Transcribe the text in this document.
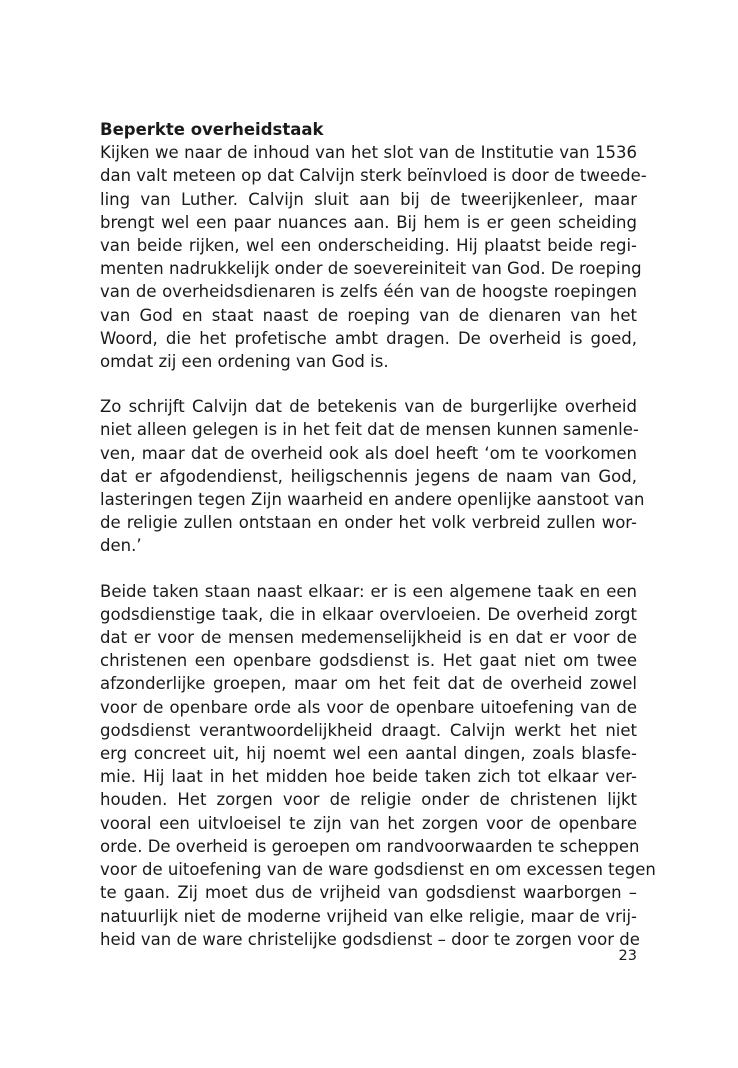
Beperkte overheidstaak

Kijken we naar de inhoud van het slot van de Institutie van 1536
dan valt meteen op dat Calvijn sterk beïnvloed is door de tweede-
ling van Luther. Calvijn sluit aan bij de tweerijkenleer, maar
brengt wel een paar nuances aan. Bij hem is er geen scheiding
van beide rijken, wel een onderscheiding. Hij plaatst beide regi-
menten nadrukkelijk onder de soevereiniteit van God. De roeping
van de overheidsdienaren is zelfs één van de hoogste roepingen
van God en staat naast de roeping van de dienaren van het
Woord, die het profetische ambt dragen. De overheid is goed,
omdat zij een ordening van God is.

Zo schrijft Calvijn dat de betekenis van de burgerlijke overheid
niet alleen gelegen is in het feit dat de mensen kunnen samenle-
ven, maar dat de overheid ook als doel heeft ‘om te voorkomen
dat er afgodendienst, heiligschennis jegens de naam van God,
lasteringen tegen Zijn waarheid en andere openlijke aanstoot van
de religie zullen ontstaan en onder het volk verbreid zullen wor-
den.’

Beide taken staan naast elkaar: er is een algemene taak en een
godsdienstige taak, die in elkaar overvloeien. De overheid zorgt
dat er voor de mensen medemenselijkheid is en dat er voor de
christenen een openbare godsdienst is. Het gaat niet om twee
afzonderlijke groepen, maar om het feit dat de overheid zowel
voor de openbare orde als voor de openbare uitoefening van de
godsdienst verantwoordelijkheid draagt. Calvijn werkt het niet
erg concreet uit, hij noemt wel een aantal dingen, zoals blasfe-
mie. Hij laat in het midden hoe beide taken zich tot elkaar ver-
houden. Het zorgen voor de religie onder de christenen lijkt
vooral een uitvloeisel te zijn van het zorgen voor de openbare
orde. De overheid is geroepen om randvoorwaarden te scheppen
voor de uitoefening van de ware godsdienst en om excessen tegen
te gaan. Zij moet dus de vrijheid van godsdienst waarborgen –
natuurlijk niet de moderne vrijheid van elke religie, maar de vrij-
heid van de ware christelijke godsdienst – door te zorgen voor de

23
